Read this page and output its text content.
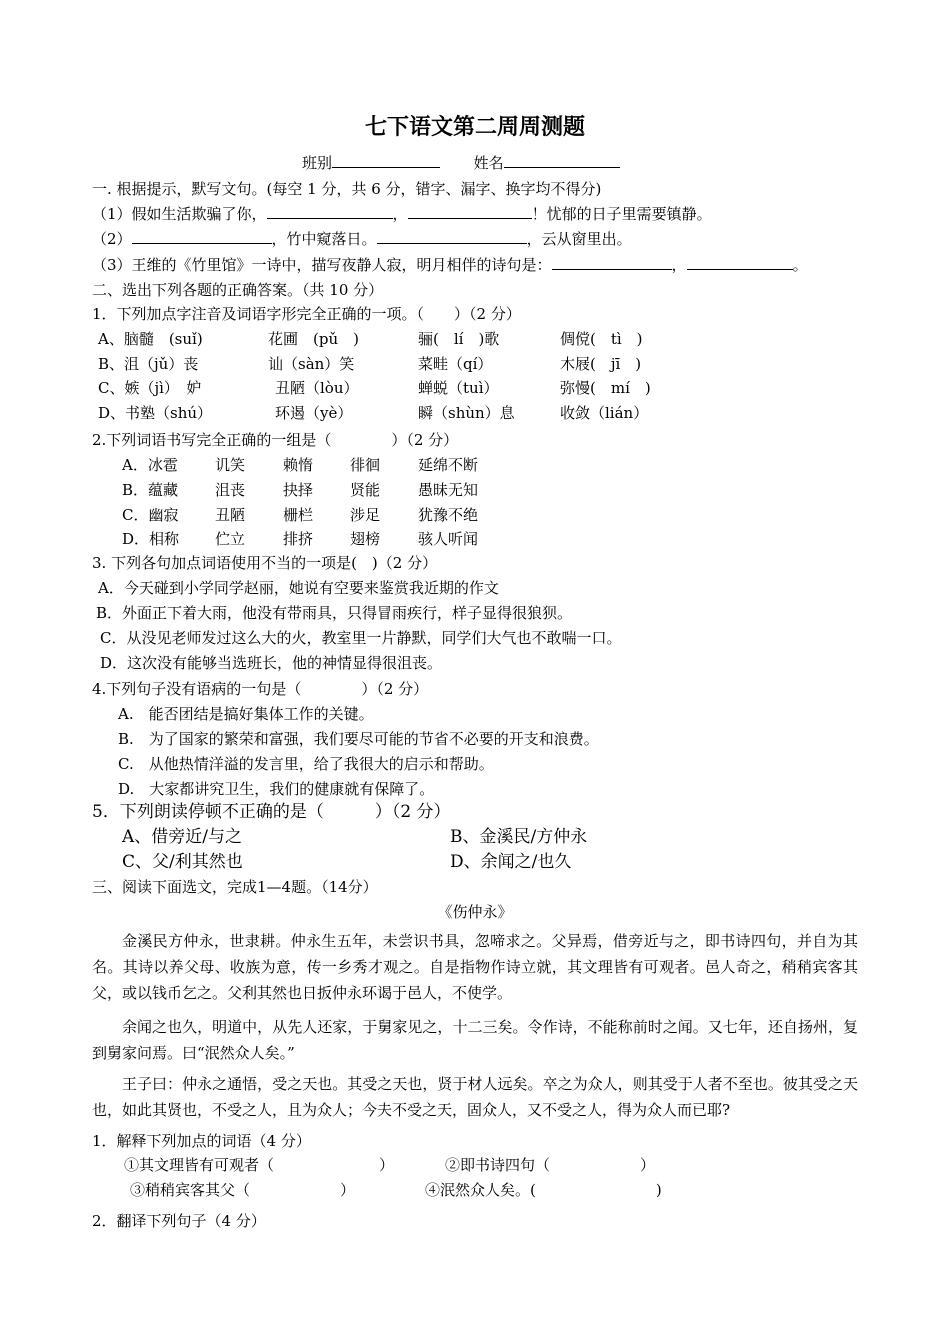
七下语文第二周周测题
班别	姓名
一. 根据提示，默写文句。(每空 1 分，共 6 分，错字、漏字、换字均不得分)
（1）假如生活欺骗了你，	，	！忧郁的日子里需要镇静。
（2）	，竹中窥落日。	，云从窗里出。
（3）王维的《竹里馆》一诗中，描写夜静人寂，明月相伴的诗句是：	，	。
二、选出下列各题的正确答案。（共 10 分）
1．下列加点字注音及词语字形完全正确的一项。（　　）（2 分）
A、脑髓　(suǐ)	花圃　(pǔ　)	骊(　lí　)歌	倜傥(　tì　)
B、沮（jǔ）丧	讪（sàn）笑	菜畦（qí）	木屐(　jī　)
C、嫉（jì）　妒	丑陋（lòu）	蝉蜕（tuì）	弥慢(　mí　)
D、书塾（shú）	环遏（yè）	瞬（shùn）息	收敛（lián）
2.下列词语书写完全正确的一组是（　　　　）（2 分）
A．冰雹 讥笑	赖惰 徘徊	延绵不断
B．蕴藏 沮丧	抉择 贤能	愚昧无知
C．幽寂 丑陋	栅栏 涉足	犹豫不绝
D．相称 伫立	排挤 翅榜	骇人听闻
3. 下列各句加点词语使用不当的一项是(　)（2 分）
A．今天碰到小学同学赵丽，她说有空要来鉴赏我近期的作文
B．外面正下着大雨，他没有带雨具，只得冒雨疾行，样子显得很狼狈。
C．从没见老师发过这么大的火，教室里一片静默，同学们大气也不敢喘一口。
D．这次没有能够当选班长，他的神情显得很沮丧。
4.下列句子没有语病的一句是（　　　　）（2 分）
A.　能否团结是搞好集体工作的关键。
B.　为了国家的繁荣和富强，我们要尽可能的节省不必要的开支和浪费。
C.　从他热情洋溢的发言里，给了我很大的启示和帮助。
D.　大家都讲究卫生，我们的健康就有保障了。
5．下列朗读停顿不正确的是（　　　）（2 分）
A、借旁近/与之	B、金溪民/方仲永
C、父/利其然也	D、余闻之/也久
三、阅读下面选文，完成1—4题。（14分）
《伤仲永》
金溪民方仲永，世隶耕。仲永生五年，未尝识书具，忽啼求之。父异焉，借旁近与之，即书诗四句，并自为其名。其诗以养父母、收族为意，传一乡秀才观之。自是指物作诗立就，其文理皆有可观者。邑人奇之，稍稍宾客其父，或以钱币乞之。父利其然也日扳仲永环谒于邑人，不使学。
余闻之也久，明道中，从先人还家，于舅家见之，十二三矣。令作诗，不能称前时之闻。又七年，还自扬州，复到舅家问焉。曰“泯然众人矣。”
王子曰：仲永之通悟，受之天也。其受之天也，贤于材人远矣。卒之为众人，则其受于人者不至也。彼其受之天也，如此其贤也，不受之人，且为众人；今夫不受之天，固众人，又不受之人，得为众人而已耶?
1．解释下列加点的词语（4 分）
①其文理皆有可观者（　　　　　　　）	②即书诗四句（　　　　　　）
③稍稍宾客其父（　　　　　　）	④泯然众人矣。(　　　　　　　　)
2．翻译下列句子（4 分）
